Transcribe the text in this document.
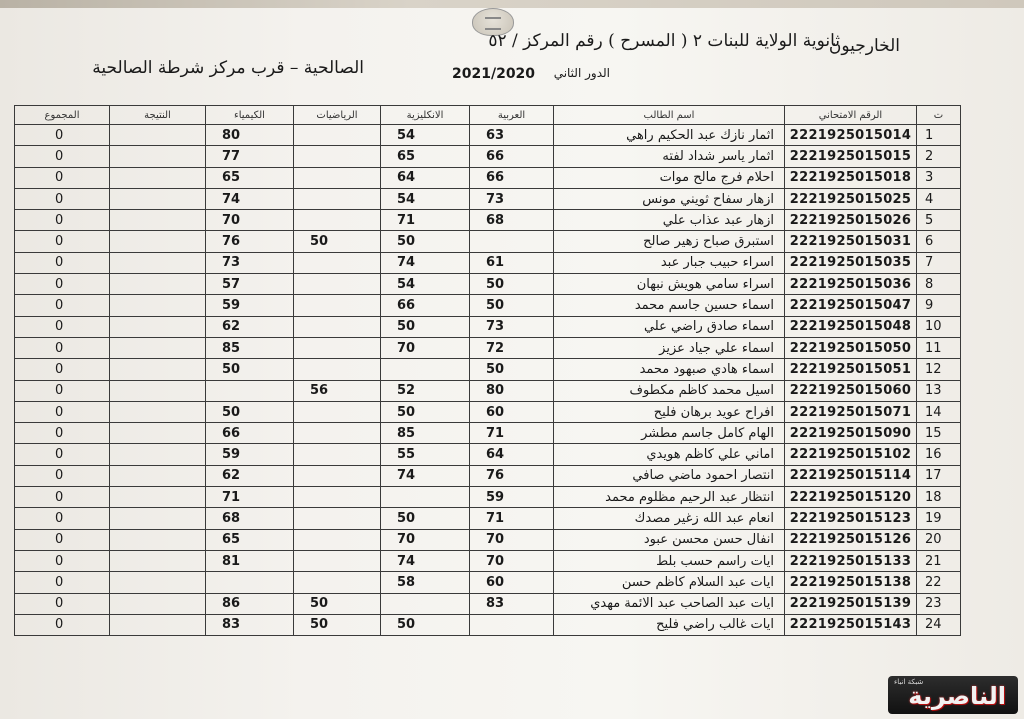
ثانوية الولاية للبنات ٢ ( المسرح ) رقم المركز / ٥٢
الصالحية – قرب مركز شرطة الصالحية
الخارجيون
الدور الثاني
2021/2020
المجموع	النتيجة	الكيمياء	الرياضيات	الانكليزية	العربية	اسم الطالب	الرقم الامتحاني	ت
0		80		54	63	اثمار نازك عبد الحكيم راهي	2221925015014	1
0		77		65	66	اثمار ياسر شداد لفته	2221925015015	2
0		65		64	66	احلام فرج مالح موات	2221925015018	3
0		74		54	73	ازهار سفاح ثويني مونس	2221925015025	4
0		70		71	68	ازهار عبد عذاب علي	2221925015026	5
0		76	50	50		استبرق صباح زهير صالح	2221925015031	6
0		73		74	61	اسراء حبيب جبار عبد	2221925015035	7
0		57		54	50	اسراء سامي هويش نبهان	2221925015036	8
0		59		66	50	اسماء حسين جاسم محمد	2221925015047	9
0		62		50	73	اسماء صادق راضي علي	2221925015048	10
0		85		70	72	اسماء علي جياد عزيز	2221925015050	11
0		50			50	اسماء هادي صبهود محمد	2221925015051	12
0			56	52	80	اسيل محمد كاظم مكطوف	2221925015060	13
0		50		50	60	افراح عويد برهان فليح	2221925015071	14
0		66		85	71	الهام كامل جاسم مطشر	2221925015090	15
0		59		55	64	اماني علي كاظم هويدي	2221925015102	16
0		62		74	76	انتصار احمود ماضي صافي	2221925015114	17
0		71			59	انتظار عبد الرحيم مظلوم محمد	2221925015120	18
0		68		50	71	انعام عبد الله زغير مصدك	2221925015123	19
0		65		70	70	انفال حسن محسن عبود	2221925015126	20
0		81		74	70	ايات راسم حسب بلط	2221925015133	21
0				58	60	ايات عبد السلام كاظم حسن	2221925015138	22
0		86	50		83	ايات عبد الصاحب عبد الائمة مهدي	2221925015139	23
0		83	50	50		ايات غالب راضي فليح	2221925015143	24
شبكة انباء
الناصرية
